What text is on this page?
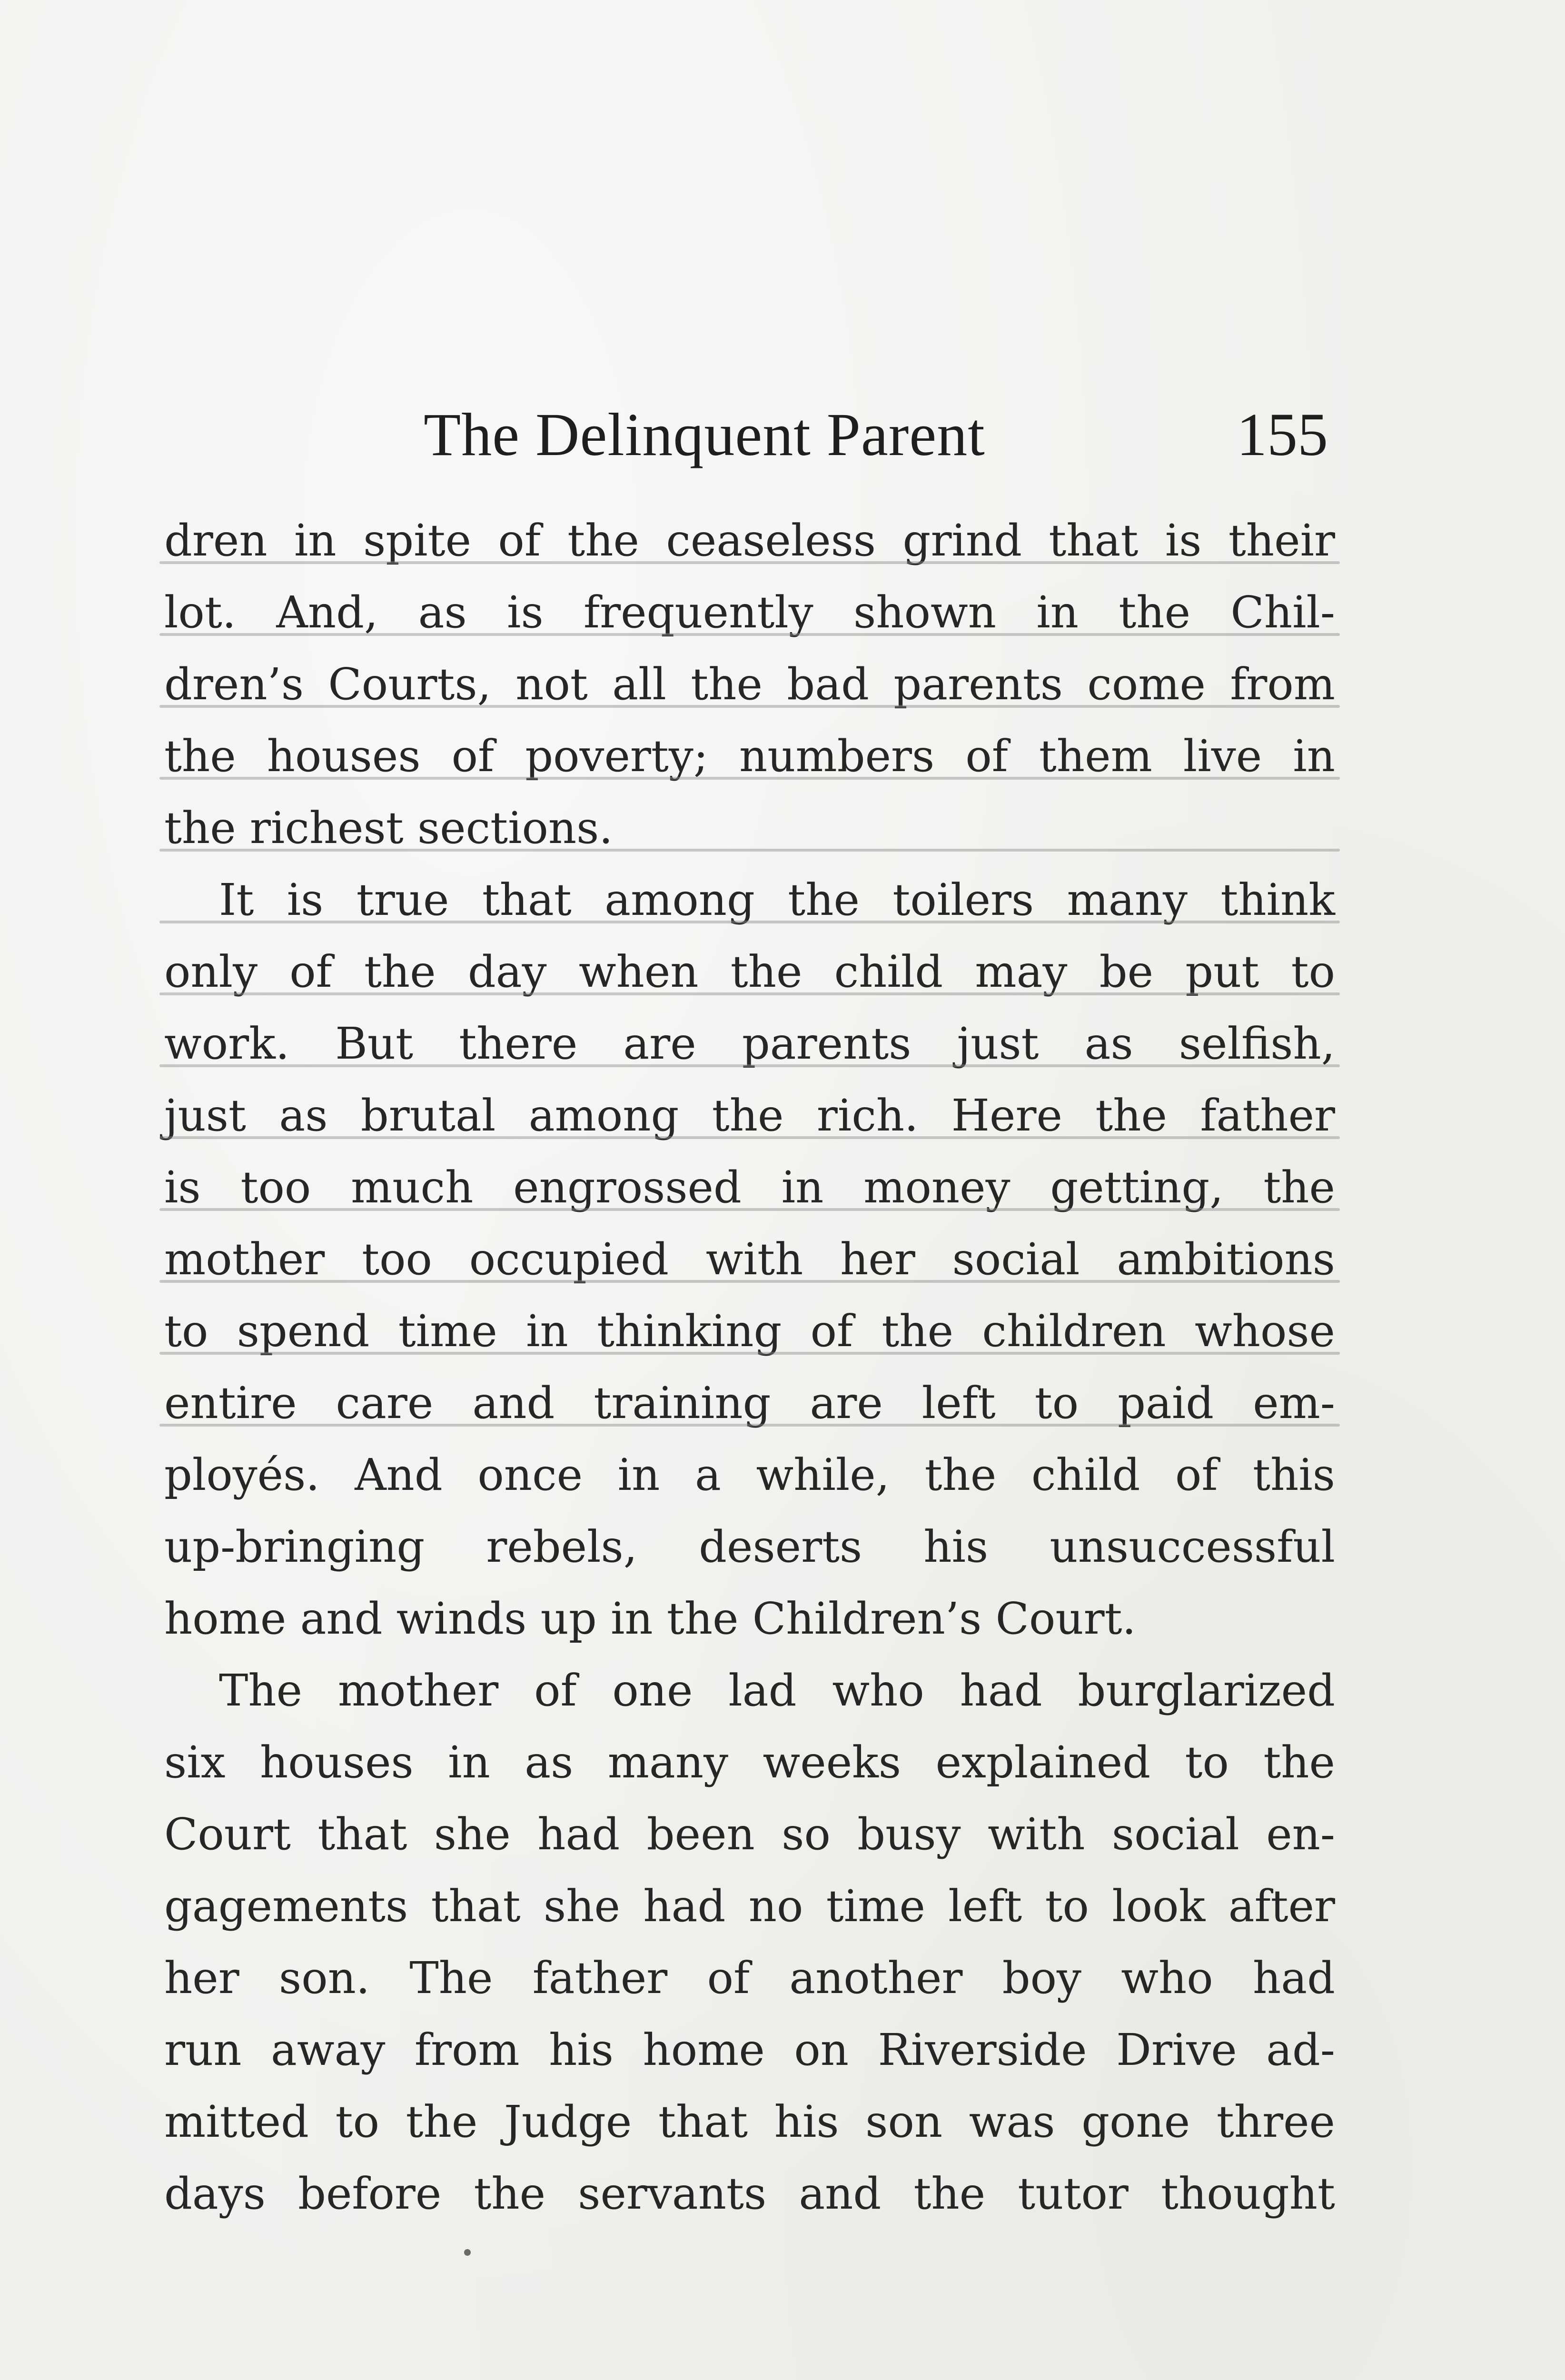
The Delinquent Parent	155
dren in spite of the ceaseless grind that is their
lot. And, as is frequently shown in the Chil-
dren’s Courts, not all the bad parents come from
the houses of poverty; numbers of them live in
the richest sections.
It is true that among the toilers many think
only of the day when the child may be put to
work. But there are parents just as selfish,
just as brutal among the rich. Here the father
is too much engrossed in money getting, the
mother too occupied with her social ambitions
to spend time in thinking of the children whose
entire care and training are left to paid em-
ployés. And once in a while, the child of this
up-bringing rebels, deserts his unsuccessful
home and winds up in the Children’s Court.
The mother of one lad who had burglarized
six houses in as many weeks explained to the
Court that she had been so busy with social en-
gagements that she had no time left to look after
her son. The father of another boy who had
run away from his home on Riverside Drive ad-
mitted to the Judge that his son was gone three
days before the servants and the tutor thought
